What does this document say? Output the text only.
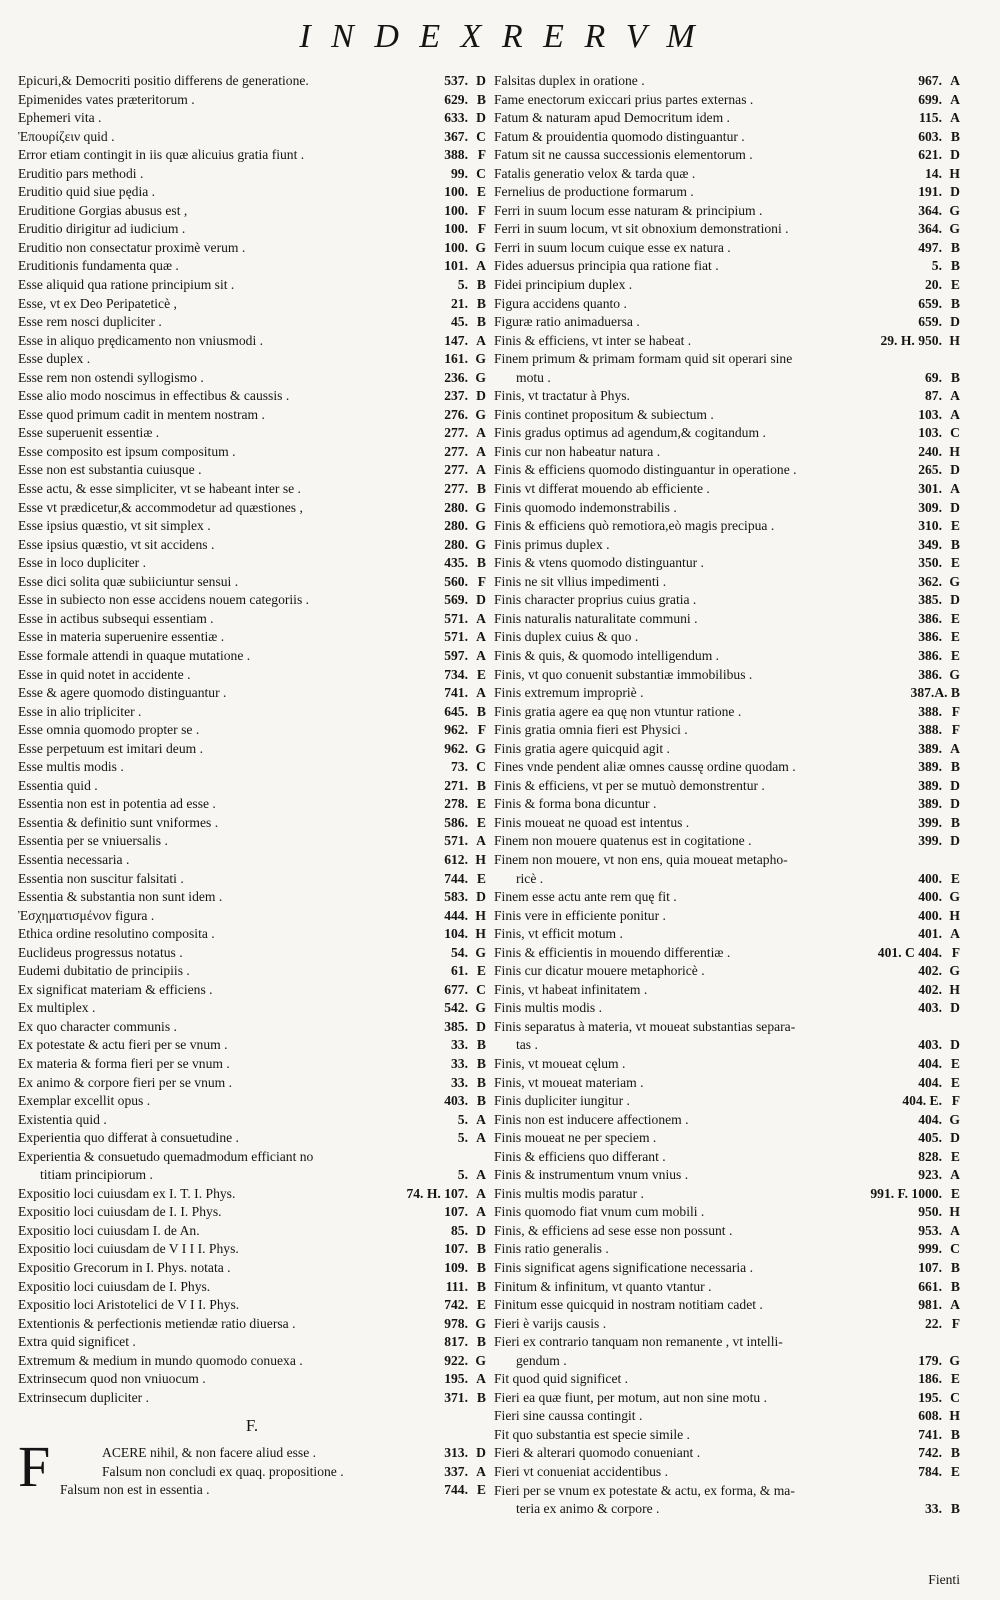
I N D E X R E R V M
Epicuri,& Democriti positio differens de generatione.	537. D
Epimenides vates præteritorum .	629. B
Ephemeri vita .	633. D
Ἐπουρίζειν quid .	367. C
Error etiam contingit in iis quæ alicuius gratia fiunt .	388. F
Eruditio pars methodi .	99. C
Eruditio quid siue pędia .	100. E
Eruditione Gorgias abusus est ,	100. F
Eruditio dirigitur ad iudicium .	100. F
Eruditio non consectatur proximè verum .	100. G
Eruditionis fundamenta quæ .	101. A
Esse aliquid qua ratione principium sit .	5. B
Esse, vt ex Deo Peripateticè ,	21. B
Esse rem nosci dupliciter .	45. B
Esse in aliquo prędicamento non vniusmodi .	147. A
Esse duplex .	161. G
Esse rem non ostendi syllogismo .	236. G
Esse alio modo noscimus in effectibus & caussis .	237. D
Esse quod primum cadit in mentem nostram .	276. G
Esse superuenit essentiæ .	277. A
Esse composito est ipsum compositum .	277. A
Esse non est substantia cuiusque .	277. A
Esse actu, & esse simpliciter, vt se habeant inter se .	277. B
Esse vt prædicetur,& accommodetur ad quæstiones ,	280. G
Esse ipsius quæstio, vt sit simplex .	280. G
Esse ipsius quæstio, vt sit accidens .	280. G
Esse in loco dupliciter .	435. B
Esse dici solita quæ subiiciuntur sensui .	560. F
Esse in subiecto non esse accidens nouem categoriis .	569. D
Esse in actibus subsequi essentiam .	571. A
Esse in materia superuenire essentiæ .	571. A
Esse formale attendi in quaque mutatione .	597. A
Esse in quid notet in accidente .	734. E
Esse & agere quomodo distinguantur .	741. A
Esse in alio tripliciter .	645. B
Esse omnia quomodo propter se .	962. F
Esse perpetuum est imitari deum .	962. G
Esse multis modis .	73. C
Essentia quid .	271. B
Essentia non est in potentia ad esse .	278. E
Essentia & definitio sunt vniformes .	586. E
Essentia per se vniuersalis .	571. A
Essentia necessaria .	612. H
Essentia non suscitur falsitati .	744. E
Essentia & substantia non sunt idem .	583. D
Ἐσχηματισμένον figura .	444. H
Ethica ordine resolutino composita .	104. H
Euclideus progressus notatus .	54. G
Eudemi dubitatio de principiis .	61. E
Ex significat materiam & efficiens .	677. C
Ex multiplex .	542. G
Ex quo character communis .	385. D
Ex potestate & actu fieri per se vnum .	33. B
Ex materia & forma fieri per se vnum .	33. B
Ex animo & corpore fieri per se vnum .	33. B
Exemplar excellit opus .	403. B
Existentia quid .	5. A
Experientia quo differat à consuetudine .	5. A
Experientia & consuetudo quemadmodum efficiant no
titiam principiorum .	5. A
Expositio loci cuiusdam ex I. T. I. Phys.	74. H. 107. A
Expositio loci cuiusdam de I. I. Phys.	107. A
Expositio loci cuiusdam I. de An.	85. D
Expositio loci cuiusdam de V I I I. Phys.	107. B
Expositio Grecorum in I. Phys. notata .	109. B
Expositio loci cuiusdam de I. Phys.	111. B
Expositio loci Aristotelici de V I I. Phys.	742. E
Extentionis & perfectionis metiendæ ratio diuersa .	978. G
Extra quid significet .	817. B
Extremum & medium in mundo quomodo conuexa .	922. G
Extrinsecum quod non vniuocum .	195. A
Extrinsecum dupliciter .	371. B
F.
F	ACERE nihil, & non facere aliud esse .	313. D
Falsum non concludi ex quaq. propositione .	337. A
Falsum non est in essentia .	744. E
Falsitas duplex in oratione .	967. A
Fame enectorum exiccari prius partes externas .	699. A
Fatum & naturam apud Democritum idem .	115. A
Fatum & prouidentia quomodo distinguantur .	603. B
Fatum sit ne caussa successionis elementorum .	621. D
Fatalis generatio velox & tarda quæ .	14. H
Fernelius de productione formarum .	191. D
Ferri in suum locum esse naturam & principium .	364. G
Ferri in suum locum, vt sit obnoxium demonstrationi .	364. G
Ferri in suum locum cuique esse ex natura .	497. B
Fides aduersus principia qua ratione fiat .	5. B
Fidei principium duplex .	20. E
Figura accidens quanto .	659. B
Figuræ ratio animaduersa .	659. D
Finis & efficiens, vt inter se habeat .	29. H. 950. H
Finem primum & primam formam quid sit operari sine
motu .	69. B
Finis, vt tractatur à Phys.	87. A
Finis continet propositum & subiectum .	103. A
Finis gradus optimus ad agendum,& cogitandum .	103. C
Finis cur non habeatur natura .	240. H
Finis & efficiens quomodo distinguantur in operatione .	265. D
Finis vt differat mouendo ab efficiente .	301. A
Finis quomodo indemonstrabilis .	309. D
Finis & efficiens quò remotiora,eò magis precipua .	310. E
Finis primus duplex .	349. B
Finis & vtens quomodo distinguantur .	350. E
Finis ne sit vllius impedimenti .	362. G
Finis character proprius cuius gratia .	385. D
Finis naturalis naturalitate communi .	386. E
Finis duplex cuius & quo .	386. E
Finis & quis, & quomodo intelligendum .	386. E
Finis, vt quo conuenit substantiæ immobilibus .	386. G
Finis extremum impropriè .	387. A. B
Finis gratia agere ea quę non vtuntur ratione .	388. F
Finis gratia omnia fieri est Physici .	388. F
Finis gratia agere quicquid agit .	389. A
Fines vnde pendent aliæ omnes caussę ordine quodam .	389. B
Finis & efficiens, vt per se mutuò demonstrentur .	389. D
Finis & forma bona dicuntur .	389. D
Finis moueat ne quoad est intentus .	399. B
Finem non mouere quatenus est in cogitatione .	399. D
Finem non mouere, vt non ens, quia moueat metapho-
ricè .	400. E
Finem esse actu ante rem quę fit .	400. G
Finis vere in efficiente ponitur .	400. H
Finis, vt efficit motum .	401. A
Finis & efficientis in mouendo differentiæ .	401. C 404. F
Finis cur dicatur mouere metaphoricè .	402. G
Finis, vt habeat infinitatem .	402. H
Finis multis modis .	403. D
Finis separatus à materia, vt moueat substantias separa-
tas .	403. D
Finis, vt moueat cęlum .	404. E
Finis, vt moueat materiam .	404. E
Finis dupliciter iungitur .	404. E. F
Finis non est inducere affectionem .	404. G
Finis moueat ne per speciem .	405. D
Finis & efficiens quo differant .	828. E
Finis & instrumentum vnum vnius .	923. A
Finis multis modis paratur .	991. F. 1000. E
Finis quomodo fiat vnum cum mobili .	950. H
Finis, & efficiens ad sese esse non possunt .	953. A
Finis ratio generalis .	999. C
Finis significat agens significatione necessaria .	107. B
Finitum & infinitum, vt quanto vtantur .	661. B
Finitum esse quicquid in nostram notitiam cadet .	981. A
Fieri è varijs causis .	22. F
Fieri ex contrario tanquam non remanente , vt intelli-
gendum .	179. G
Fit quod quid significet .	186. E
Fieri ea quæ fiunt, per motum, aut non sine motu .	195. C
Fieri sine caussa contingit .	608. H
Fit quo substantia est specie simile .	741. B
Fieri & alterari quomodo conueniant .	742. B
Fieri vt conueniat accidentibus .	784. E
Fieri per se vnum ex potestate & actu, ex forma, & ma-
teria ex animo & corpore .	33. B
Fienti
